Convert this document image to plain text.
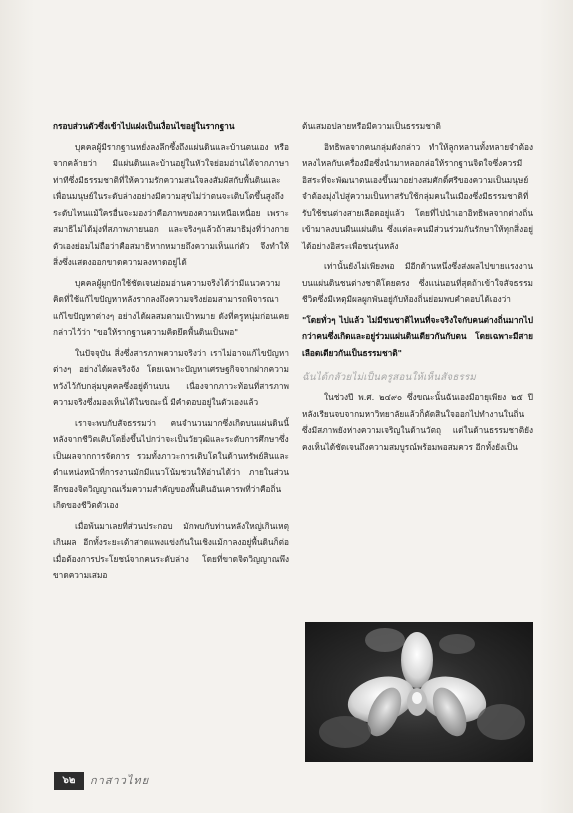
กรอบส่วนตัวซึ่งเข้าไปแฝงเป็นเงื่อนไขอยู่ในรากฐาน

บุคคลผู้มีรากฐานหยั่งลงลึกซึ้งถึงแผ่นดินและบ้านตนเอง หรือจากคล้ายว่า มีแผ่นดินและบ้านอยู่ในหัวใจย่อมอ่านได้จากภาษาท่าทีซึ่งมีธรรมชาติที่ให้ความรักความสนใจลงสัมผัสกับพื้นดินและเพื่อนมนุษย์ในระดับล่างอย่างมีความสุขไม่ว่าตนจะเติบโตขึ้นสูงถึงระดับไหนแม้ใครอื่นจะมองว่าคือภาพของความเหนือเหนื่อย เพราะสมาธิไม่ได้มุ่งที่สภาพภายนอก และจริงๆแล้วถ้าสมาธิมุ่งที่ว่างกายตัวเองย่อมไม่ถือว่าคือสมาธิหากหมายถึงความเห็นแก่ตัว จึงทำให้สิ่งซึ่งแสดงออกขาดความลงหาดอยู่ได้

บุคคลผู้ผูกปักใช้ชัดเจนย่อมอ่านความจริงได้ว่ามีแนวความคิดที่ใช้แก้ไขปัญหาหลังรากลงถึงความจริงย่อมสามารถพิจารณาแก้ไขปัญหาต่างๆ อย่างได้ผลสมตามเป้าหมาย ดังที่ครูหนุ่มก่อนเคยกล่าวไว้ว่า "ขอให้รากฐานความคิดยึดพื้นดินเป็นพอ"

ในปัจจุบัน สิ่งซึ่งสารภาพความจริงว่า เราไม่อาจแก้ไขปัญหาต่างๆ อย่างได้ผลจริงจัง โดยเฉพาะปัญหาเศรษฐกิจจากฝากความหวังไว้กับกลุ่มบุคคลซึ่งอยู่ด้านบน เนื่องจากภาวะท้อนที่สารภาพความจริงซึ่งมองเห็นได้ในขณะนี้ มีคำตอบอยู่ในตัวเองแล้ว

เราจะพบกับสัจธรรมว่า คนจำนวนมากซึ่งเกิดบนแผ่นดินนี้ หลังจากชีวิตเติบโตยิ่งขึ้นไปกว่าจะเป็นวัยวุฒิและระดับการศึกษาซึ่งเป็นผลจากการจัดการ รวมทั้งภาวะการเติบโตในด้านทรัพย์สินและตำแหน่งหน้าที่การงานมักมีแนวโน้มชวนให้อ่านได้ว่า ภายในส่วนลึกของจิตวิญญาณเริ่มความสำคัญของพื้นดินอันเคารพที่ว่าคือถิ่นเกิดของชีวิตตัวเอง

เมื่อพ้นมาเลยที่ส่วนประกอบ มักพบกับท่านหลังใหญ่เกินเหตุเกินผล อีกทั้งระยะเต้าสาดแพงแข่งกันในเชิงแม้กาลงอยู่พื้นดินก็ต่อเมื่อต้องการประโยชน์จากคนระดับล่าง โดยที่ขาดจิตวิญญาณพึงขาดความเสมอ

ต้นเสมอปลายหรือมีความเป็นธรรมชาติ

อิทธิพลจากคนกลุ่มดังกล่าว ทำให้ลูกหลานทั้งหลายจำต้องหลงไหลกับเครื่องมือซึ่งนำมาหลอกล่อให้รากฐานจิตใจซึ่งควรมีอิสระที่จะพัฒนาตนเองขึ้นมาอย่างสมศักดิ์ศรีของความเป็นมนุษย์ จำต้องมุ่งไปสู่ความเป็นทาสรับใช้กลุ่มคนในเมืองซึ่งมีธรรมชาติที่รับใช้ชนต่างสายเลือดอยู่แล้ว โดยที่ไปนำเอาอิทธิพลจากต่างถิ่นเข้ามาลงบนผืนแผ่นดิน ซึ่งแต่ละคนมีส่วนร่วมกันรักษาให้ทุกสิ่งอยู่ได้อย่างอิสระเพื่อชนรุ่นหลัง

เท่านั้นยังไม่เพียงพอ มีอีกด้านหนึ่งซึ่งส่งผลไปขายแรงงานบนแผ่นดินชนต่างชาติโดยตรง ซึ่งแน่นอนที่สุดถ้าเข้าใจสัจธรรมชีวิตซึ่งมีเหตุมีผลผูกพันอยู่กับท้องถิ่นย่อมพบคำตอบได้เองว่า

"โดยทั่วๆ ไปแล้ว ไม่มีชนชาติไหนที่จะจริงใจกับคนต่างถิ่นมากไปกว่าคนซึ่งเกิดและอยู่ร่วมแผ่นดินเดียวกันกับตน โดยเฉพาะมีสายเลือดเดียวกันเป็นธรรมชาติ"

ฉันได้กลัวยไม่เป็นครูสอนให้เห็นสัจธรรม

ในช่วงปี พ.ศ. ๒๔๙๐ ซึ่งขณะนั้นฉันเองมีอายุเพียง ๒๕ ปี หลังเรียนจบจากมหาวิทยาลัยแล้วก็ตัดสินใจออกไปทำงานในถิ่นซึ่งมีสภาพยังห่างความเจริญในด้านวัตถุ แต่ในด้านธรรมชาติยังคงเห็นได้ชัดเจนถึงความสมบูรณ์พร้อมพอสมควร อีกทั้งยังเป็น

๖๒	กาสาวไทย
